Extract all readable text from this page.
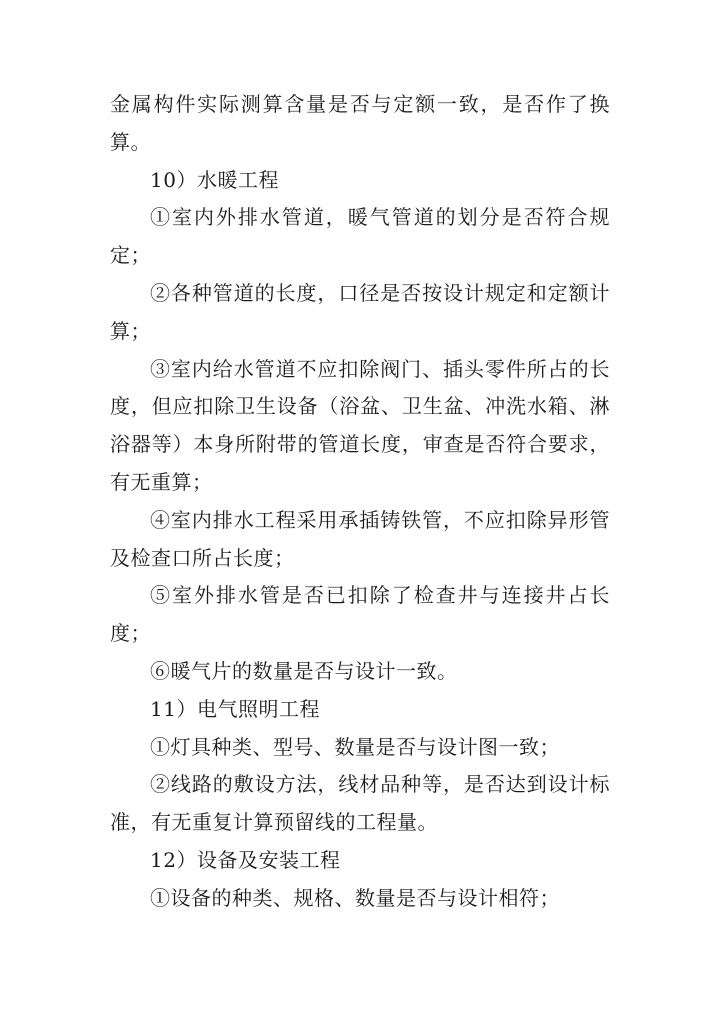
金属构件实际测算含量是否与定额一致，是否作了换算。

10）水暖工程

①室内外排水管道，暖气管道的划分是否符合规定；

②各种管道的长度，口径是否按设计规定和定额计算；

③室内给水管道不应扣除阀门、插头零件所占的长度，但应扣除卫生设备（浴盆、卫生盆、冲洗水箱、淋浴器等）本身所附带的管道长度，审查是否符合要求，有无重算；

④室内排水工程采用承插铸铁管，不应扣除异形管及检查口所占长度；

⑤室外排水管是否已扣除了检查井与连接井占长度；

⑥暖气片的数量是否与设计一致。

11）电气照明工程

①灯具种类、型号、数量是否与设计图一致；

②线路的敷设方法，线材品种等，是否达到设计标准，有无重复计算预留线的工程量。

12）设备及安装工程

①设备的种类、规格、数量是否与设计相符；
